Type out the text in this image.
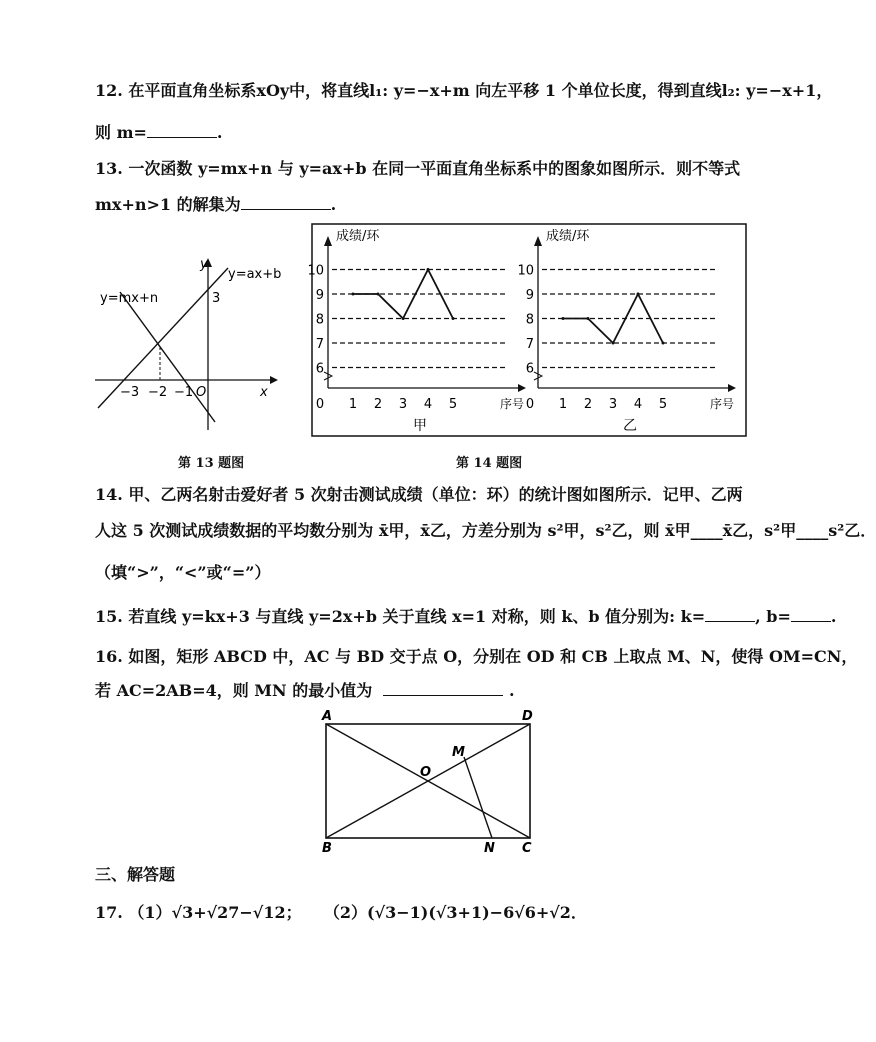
12. 在平面直角坐标系xOy中，将直线l₁: y=−x+m 向左平移 1 个单位长度，得到直线l₂: y=−x+1，
则 m=	.
13. 一次函数 y=mx+n 与 y=ax+b 在同一平面直角坐标系中的图象如图所示．则不等式
mx+n>1 的解集为	.
y=ax+b
y=mx+n
y
x
O
3
−3 −2 −1
第 13 题图
成绩/环
序号
10
9
8
7
6
0 1 2 3 4 5
甲
成绩/环
序号
10
9
8
7
6
0 1 2 3 4 5
乙
第 14 题图
14. 甲、乙两名射击爱好者 5 次射击测试成绩（单位：环）的统计图如图所示．记甲、乙两
人这 5 次测试成绩数据的平均数分别为 x̄甲，x̄乙，方差分别为 s²甲，s²乙，则 x̄甲____x̄乙，s²甲____s²乙．
（填“>”，“<”或“=”）
15. 若直线 y=kx+3 与直线 y=2x+b 关于直线 x=1 对称，则 k、b 值分别为: k=	, b=	.
16. 如图，矩形 ABCD 中，AC 与 BD 交于点 O，分别在 OD 和 CB 上取点 M、N，使得 OM=CN，
若 AC=2AB=4，则 MN 的最小值为	.
A	D
B	C
O
M
N
三、解答题
17. （1）√3+√27−√12； （2）(√3−1)(√3+1)−6√6+√2．
